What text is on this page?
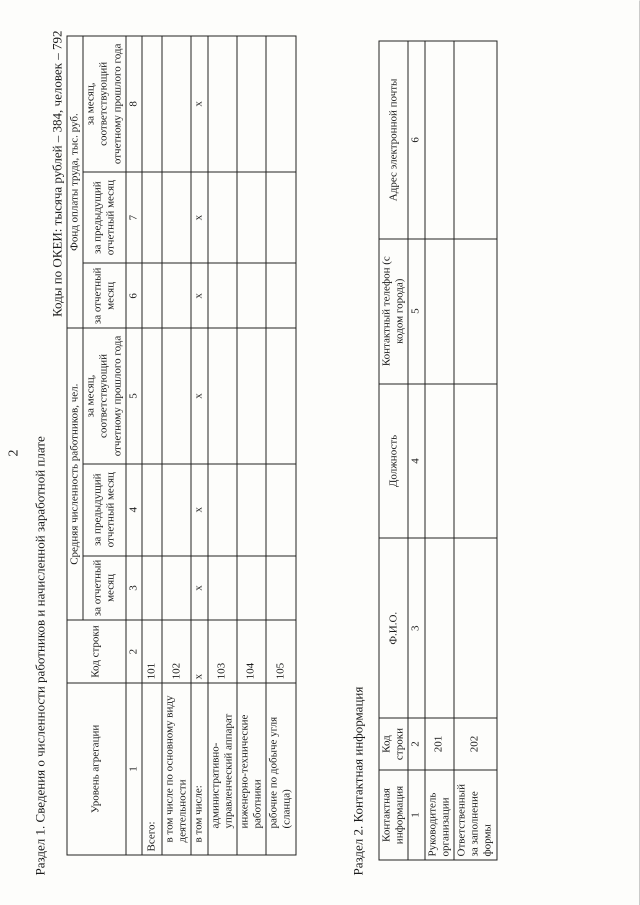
2 Раздел 1. Сведения о численности работников и начисленной заработной плате
Коды по ОКЕИ: тысяча рублей – 384, человек – 792
Уровень агрегации	Код строки	Средняя численность работников, чел.			Фонд оплаты труда, тыс. руб.		
		за отчетный месяц	за предыдущий отчетный месяц	за месяц, соответствующий отчетному прошлого года	за отчетный месяц	за предыдущий отчетный месяц	за месяц, соответствующий отчетному прошлого года
1	2	3	4	5	6	7	8
Всего:	101						
в том числе по основному виду деятельности	102						
в том числе:	х	х	х	х	х	х	х
административно-управленческий аппарат	103						
инженерно-технические работники	104						
рабочие по добыче угля (сланца)	105						
Раздел 2. Контактная информация Контактная информация	Код строки	Ф.И.О.	Должность	Контактный телефон (с кодом города)	Адрес электронной почты
1	2	3	4	5	6
Руководитель организации	201				
Ответственный за заполнение формы	202				
